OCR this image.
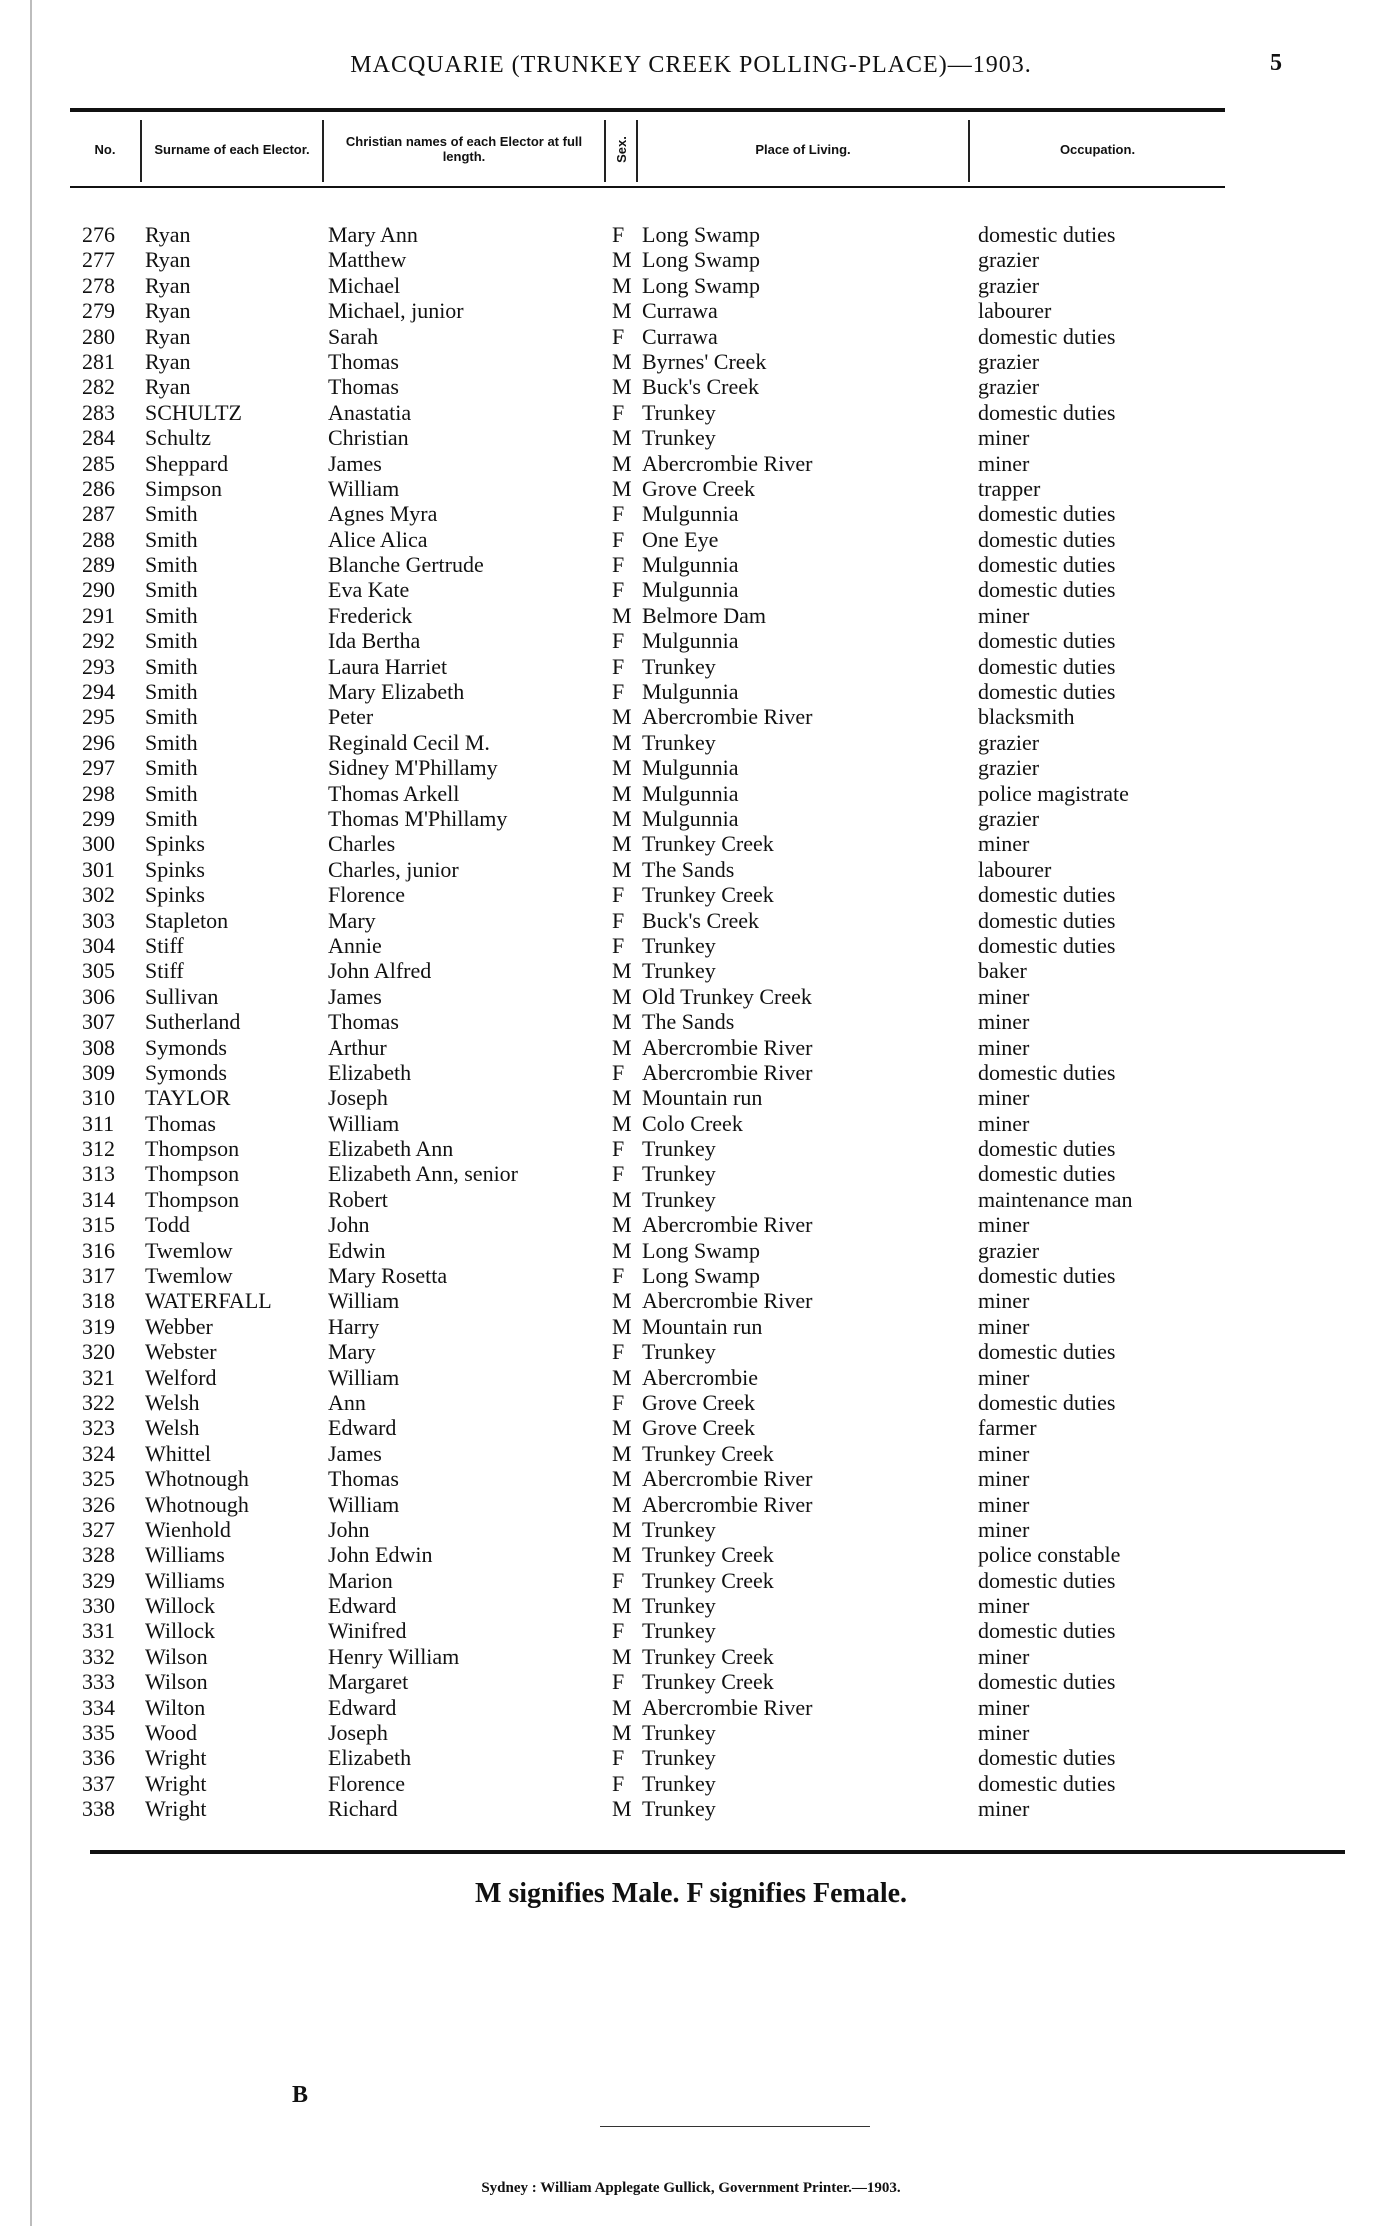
MACQUARIE (TRUNKEY CREEK POLLING-PLACE)—1903.	5
No.	Surname of each Elector.	Christian names of each Elector at full length.	Sex.	Place of Living.	Occupation.
276 Ryan	Mary Ann	F Long Swamp	domestic duties
277 Ryan	Matthew	M Long Swamp	grazier
278 Ryan	Michael	M Long Swamp	grazier
279 Ryan	Michael, junior	M Currawa	labourer
280 Ryan	Sarah	F Currawa	domestic duties
281 Ryan	Thomas	M Byrnes' Creek	grazier
282 Ryan	Thomas	M Buck's Creek	grazier
283 SCHULTZ	Anastatia	F Trunkey	domestic duties
284 Schultz	Christian	M Trunkey	miner
285 Sheppard	James	M Abercrombie River	miner
286 Simpson	William	M Grove Creek	trapper
287 Smith	Agnes Myra	F Mulgunnia	domestic duties
288 Smith	Alice Alica	F One Eye	domestic duties
289 Smith	Blanche Gertrude	F Mulgunnia	domestic duties
290 Smith	Eva Kate	F Mulgunnia	domestic duties
291 Smith	Frederick	M Belmore Dam	miner
292 Smith	Ida Bertha	F Mulgunnia	domestic duties
293 Smith	Laura Harriet	F Trunkey	domestic duties
294 Smith	Mary Elizabeth	F Mulgunnia	domestic duties
295 Smith	Peter	M Abercrombie River	blacksmith
296 Smith	Reginald Cecil M.	M Trunkey	grazier
297 Smith	Sidney M'Phillamy	M Mulgunnia	grazier
298 Smith	Thomas Arkell	M Mulgunnia	police magistrate
299 Smith	Thomas M'Phillamy	M Mulgunnia	grazier
300 Spinks	Charles	M Trunkey Creek	miner
301 Spinks	Charles, junior	M The Sands	labourer
302 Spinks	Florence	F Trunkey Creek	domestic duties
303 Stapleton	Mary	F Buck's Creek	domestic duties
304 Stiff	Annie	F Trunkey	domestic duties
305 Stiff	John Alfred	M Trunkey	baker
306 Sullivan	James	M Old Trunkey Creek	miner
307 Sutherland	Thomas	M The Sands	miner
308 Symonds	Arthur	M Abercrombie River	miner
309 Symonds	Elizabeth	F Abercrombie River	domestic duties
310 TAYLOR	Joseph	M Mountain run	miner
311 Thomas	William	M Colo Creek	miner
312 Thompson	Elizabeth Ann	F Trunkey	domestic duties
313 Thompson	Elizabeth Ann, senior	F Trunkey	domestic duties
314 Thompson	Robert	M Trunkey	maintenance man
315 Todd	John	M Abercrombie River	miner
316 Twemlow	Edwin	M Long Swamp	grazier
317 Twemlow	Mary Rosetta	F Long Swamp	domestic duties
318 WATERFALL	William	M Abercrombie River	miner
319 Webber	Harry	M Mountain run	miner
320 Webster	Mary	F Trunkey	domestic duties
321 Welford	William	M Abercrombie	miner
322 Welsh	Ann	F Grove Creek	domestic duties
323 Welsh	Edward	M Grove Creek	farmer
324 Whittel	James	M Trunkey Creek	miner
325 Whotnough	Thomas	M Abercrombie River	miner
326 Whotnough	William	M Abercrombie River	miner
327 Wienhold	John	M Trunkey	miner
328 Williams	John Edwin	M Trunkey Creek	police constable
329 Williams	Marion	F Trunkey Creek	domestic duties
330 Willock	Edward	M Trunkey	miner
331 Willock	Winifred	F Trunkey	domestic duties
332 Wilson	Henry William	M Trunkey Creek	miner
333 Wilson	Margaret	F Trunkey Creek	domestic duties
334 Wilton	Edward	M Abercrombie River	miner
335 Wood	Joseph	M Trunkey	miner
336 Wright	Elizabeth	F Trunkey	domestic duties
337 Wright	Florence	F Trunkey	domestic duties
338 Wright	Richard	M Trunkey	miner
M signifies Male. F signifies Female.
B
Sydney : William Applegate Gullick, Government Printer.—1903.
